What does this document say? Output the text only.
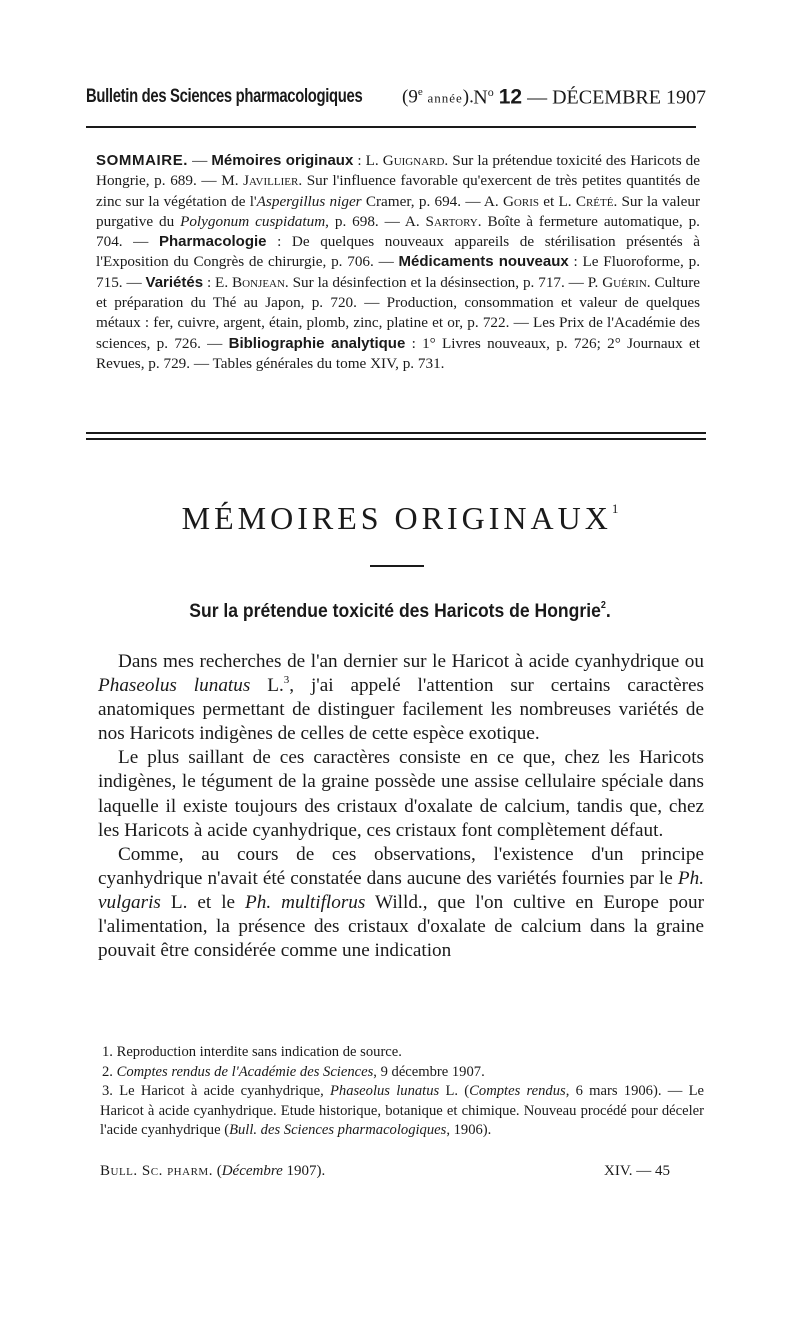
Bulletin des Sciences pharmacologiques (9e année). $N^o$ 12 — DÉCEMBRE 1907
SOMMAIRE. — Mémoires originaux : L. Guignard. Sur la prétendue toxicité des Haricots de Hongrie, p. 689. — M. Javillier. Sur l'influence favorable qu'exercent de très petites quantités de zinc sur la végétation de l'Aspergillus niger Cramer, p. 694. — A. Goris et L. Crété. Sur la valeur purgative du Polygonum cuspidatum, p. 698. — A. Sartory. Boîte à fermeture automatique, p. 704. — Pharmacologie : De quelques nouveaux appareils de stérilisation présentés à l'Exposition du Congrès de chirurgie, p. 706. — Médicaments nouveaux : Le Fluoroforme, p. 715. — Variétés : E. Bonjean. Sur la désinfection et la désinsection, p. 717. — P. Guérin. Culture et préparation du Thé au Japon, p. 720. — Production, consommation et valeur de quelques métaux : fer, cuivre, argent, étain, plomb, zinc, platine et or, p. 722. — Les Prix de l'Académie des sciences, p. 726. — Bibliographie analytique : 1° Livres nouveaux, p. 726; 2° Journaux et Revues, p. 729. — Tables générales du tome XIV, p. 731.
MÉMOIRES ORIGINAUX$^1$
Sur la prétendue toxicité des Haricots de Hongrie$^2$.

Dans mes recherches de l'an dernier sur le Haricot à acide cyanhydrique ou Phaseolus lunatus L.$^3$, j'ai appelé l'attention sur certains caractères anatomiques permettant de distinguer facilement les nombreuses variétés de nos Haricots indigènes de celles de cette espèce exotique.

Le plus saillant de ces caractères consiste en ce que, chez les Haricots indigènes, le tégument de la graine possède une assise cellulaire spéciale dans laquelle il existe toujours des cristaux d'oxalate de calcium, tandis que, chez les Haricots à acide cyanhydrique, ces cristaux font complètement défaut.

Comme, au cours de ces observations, l'existence d'un principe cyanhydrique n'avait été constatée dans aucune des variétés fournies par le Ph. vulgaris L. et le Ph. multiflorus Willd., que l'on cultive en Europe pour l'alimentation, la présence des cristaux d'oxalate de calcium dans la graine pouvait être considérée comme une indication

1. Reproduction interdite sans indication de source.

2. Comptes rendus de l'Académie des Sciences, 9 décembre 1907.

3. Le Haricot à acide cyanhydrique, Phaseolus lunatus L. (Comptes rendus, 6 mars 1906). — Le Haricot à acide cyanhydrique. Etude historique, botanique et chimique. Nouveau procédé pour déceler l'acide cyanhydrique (Bull. des Sciences pharmacologiques, 1906).

Bull. Sc. pharm. (Décembre 1907).	XIV. — 45
